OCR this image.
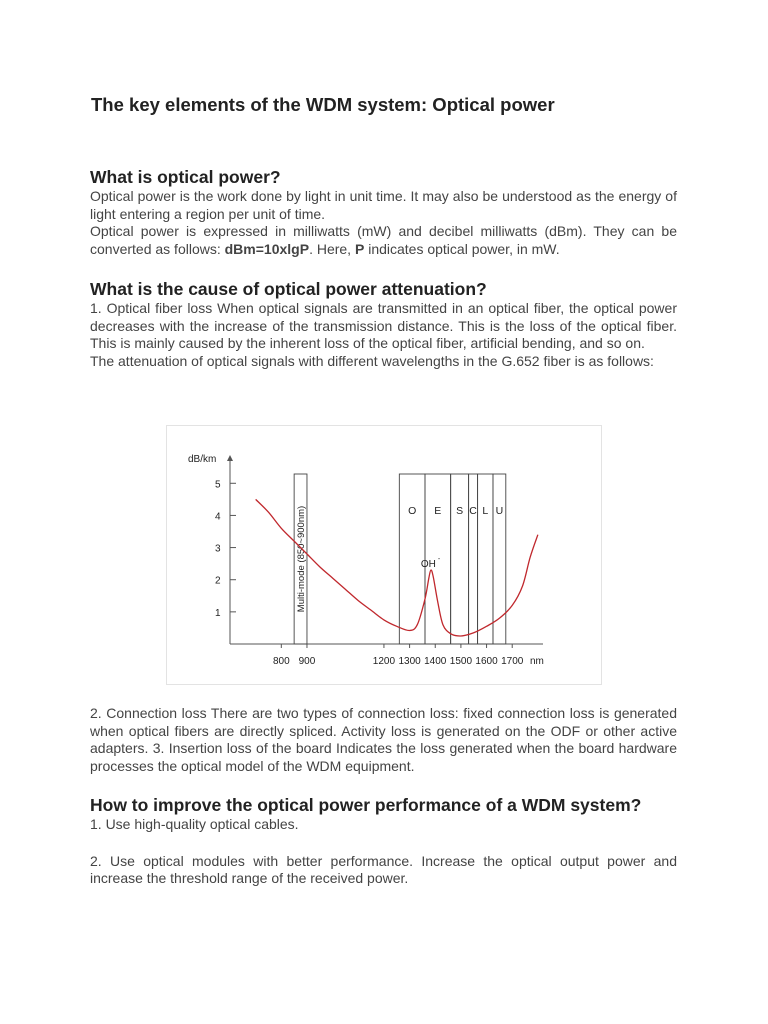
The key elements of the WDM system: Optical power
What is optical power?

Optical power is the work done by light in unit time. It may also be understood as the energy of light entering a region per unit of time.

Optical power is expressed in milliwatts (mW) and decibel milliwatts (dBm). They can be converted as follows: dBm=10xlgP. Here, P indicates optical power, in mW.

What is the cause of optical power attenuation?

1. Optical fiber loss When optical signals are transmitted in an optical fiber, the optical power decreases with the increase of the transmission distance. This is the loss of the optical fiber. This is mainly caused by the inherent loss of the optical fiber, artificial bending, and so on.

The attenuation of optical signals with different wavelengths in the G.652 fiber is as follows:

dB/km
1
2
3
4
5
800 900	1200 1300 1400 1500 1600 1700 nm
Multi-mode (850~900nm)	O E S C L U
OH -

2. Connection loss There are two types of connection loss: fixed connection loss is generated when optical fibers are directly spliced. Activity loss is generated on the ODF or other active adapters. 3. Insertion loss of the board Indicates the loss generated when the board hardware processes the optical model of the WDM equipment.

How to improve the optical power performance of a WDM system?

1. Use high-quality optical cables.

2. Use optical modules with better performance. Increase the optical output power and increase the threshold range of the received power.
